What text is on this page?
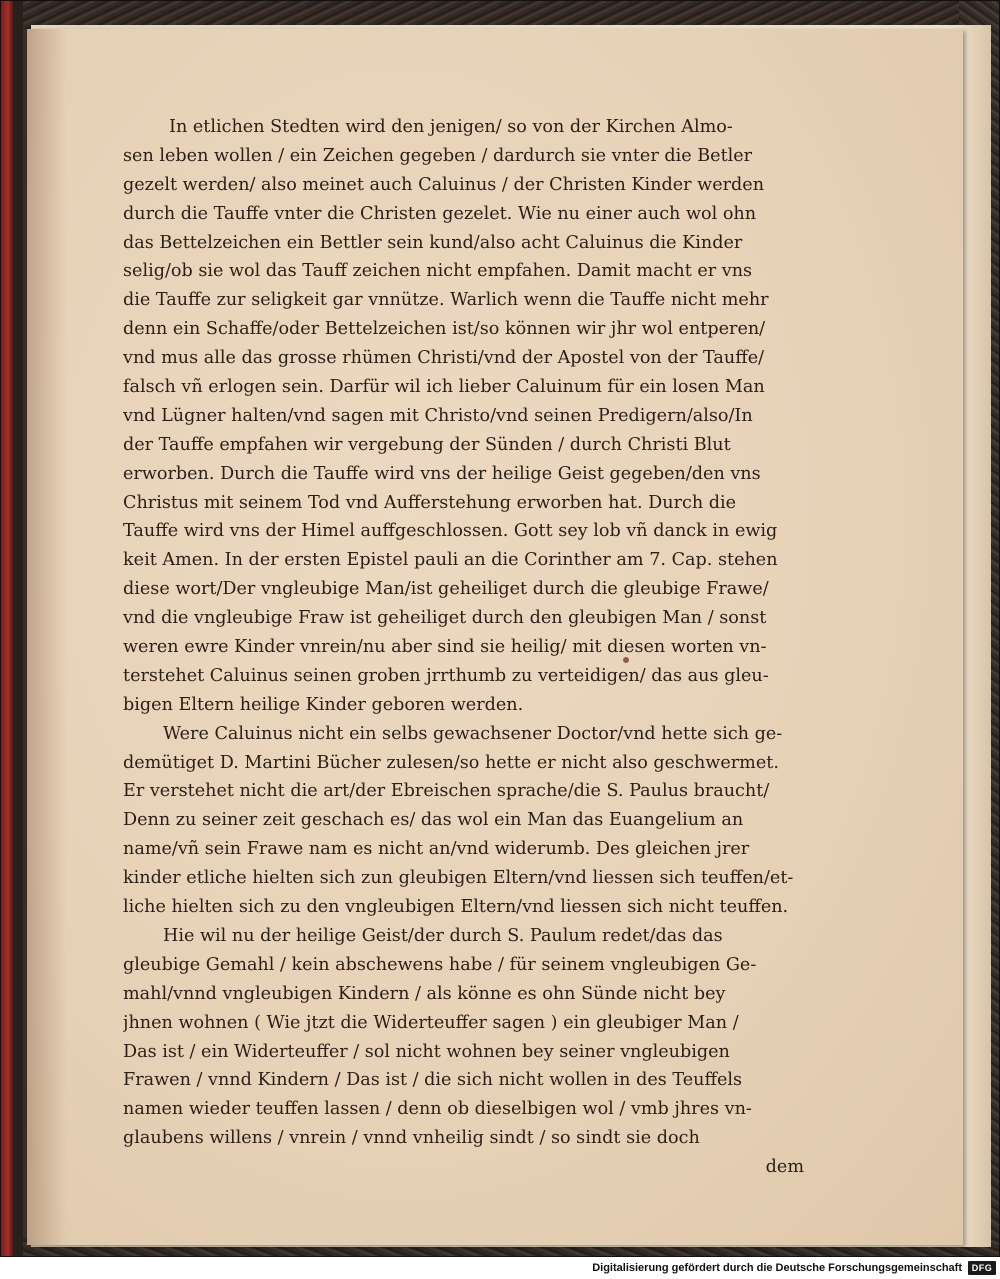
In etlichen Stedten wird den jenigen/ so von der Kirchen Almo-
sen leben wollen / ein Zeichen gegeben / dardurch sie vnter die Betler
gezelt werden/ also meinet auch Caluinus / der Christen Kinder werden
durch die Tauffe vnter die Christen gezelet. Wie nu einer auch wol ohn
das Bettelzeichen ein Bettler sein kund/also acht Caluinus die Kinder
selig/ob sie wol das Tauff zeichen nicht empfahen. Damit macht er vns
die Tauffe zur seligkeit gar vnnütze. Warlich wenn die Tauffe nicht mehr
denn ein Schaffe/oder Bettelzeichen ist/so können wir jhr wol entperen/
vnd mus alle das grosse rhümen Christi/vnd der Apostel von der Tauffe/
falsch vñ erlogen sein. Darfür wil ich lieber Caluinum für ein losen Man
vnd Lügner halten/vnd sagen mit Christo/vnd seinen Predigern/also/In
der Tauffe empfahen wir vergebung der Sünden / durch Christi Blut
erworben. Durch die Tauffe wird vns der heilige Geist gegeben/den vns
Christus mit seinem Tod vnd Aufferstehung erworben hat. Durch die
Tauffe wird vns der Himel auffgeschlossen. Gott sey lob vñ danck in ewig
keit Amen. In der ersten Epistel pauli an die Corinther am 7. Cap. stehen
diese wort/Der vngleubige Man/ist geheiliget durch die gleubige Frawe/
vnd die vngleubige Fraw ist geheiliget durch den gleubigen Man / sonst
weren ewre Kinder vnrein/nu aber sind sie heilig/ mit diesen worten vn-
terstehet Caluinus seinen groben jrrthumb zu verteidigen/ das aus gleu-
bigen Eltern heilige Kinder geboren werden.
Were Caluinus nicht ein selbs gewachsener Doctor/vnd hette sich ge-
demütiget D. Martini Bücher zulesen/so hette er nicht also geschwermet.
Er verstehet nicht die art/der Ebreischen sprache/die S. Paulus braucht/
Denn zu seiner zeit geschach es/ das wol ein Man das Euangelium an
name/vñ sein Frawe nam es nicht an/vnd widerumb. Des gleichen jrer
kinder etliche hielten sich zun gleubigen Eltern/vnd liessen sich teuffen/et-
liche hielten sich zu den vngleubigen Eltern/vnd liessen sich nicht teuffen.
Hie wil nu der heilige Geist/der durch S. Paulum redet/das das
gleubige Gemahl / kein abschewens habe / für seinem vngleubigen Ge-
mahl/vnnd vngleubigen Kindern / als könne es ohn Sünde nicht bey
jhnen wohnen ( Wie jtzt die Widerteuffer sagen ) ein gleubiger Man /
Das ist / ein Widerteuffer / sol nicht wohnen bey seiner vngleubigen
Frawen / vnnd Kindern / Das ist / die sich nicht wollen in des Teuffels
namen wieder teuffen lassen / denn ob dieselbigen wol / vmb jhres vn-
glaubens willens / vnrein / vnnd vnheilig sindt / so sindt sie doch
dem
Digitalisierung gefördert durch die Deutsche Forschungsgemeinschaft	DFG
